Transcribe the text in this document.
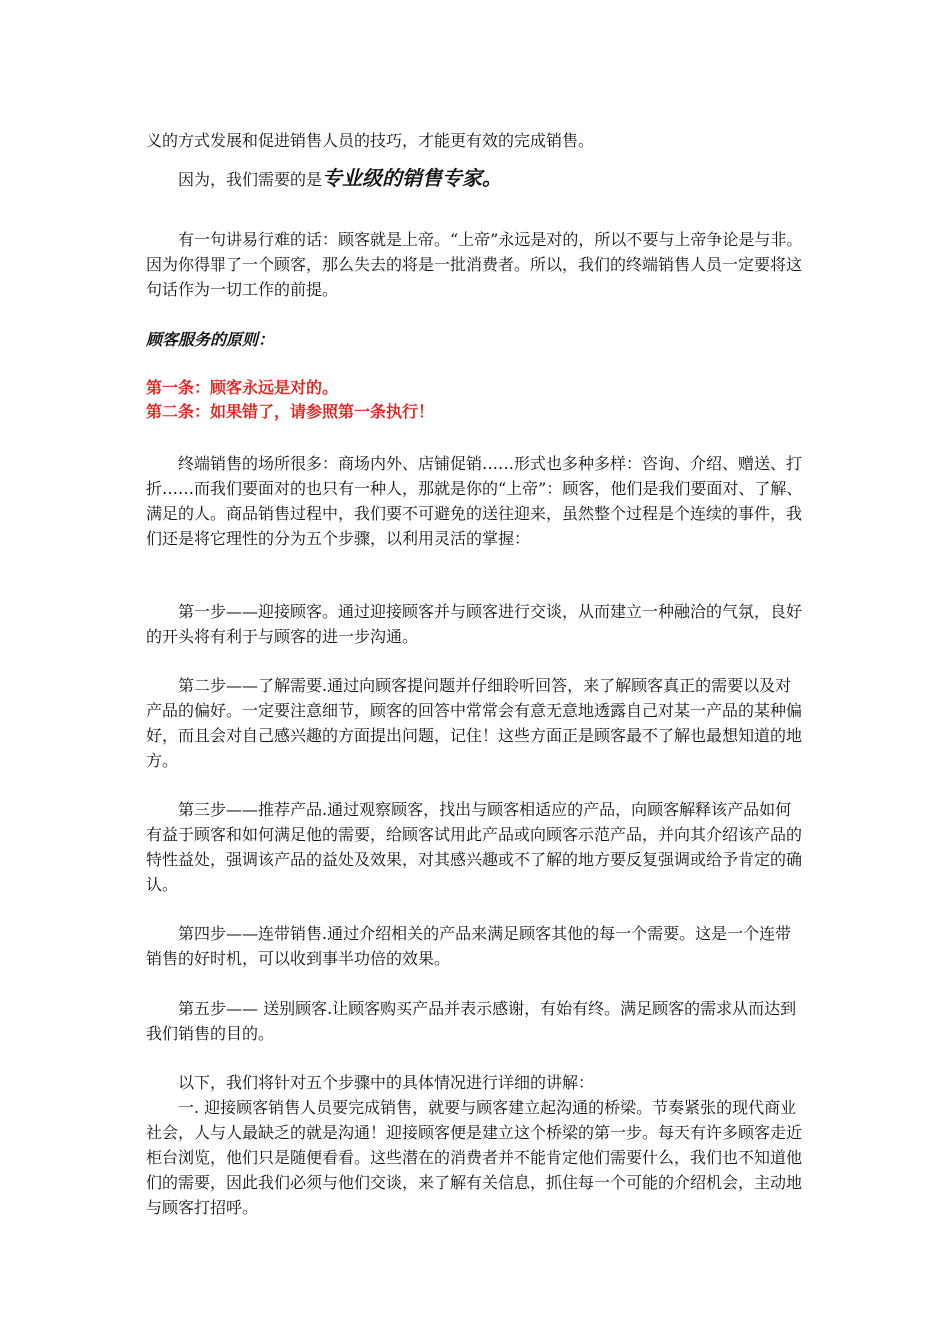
义的方式发展和促进销售人员的技巧，才能更有效的完成销售。

因为，我们需要的是专业级的销售专家。

有一句讲易行难的话：顾客就是上帝。“上帝”永远是对的，所以不要与上帝争论是与非。因为你得罪了一个顾客，那么失去的将是一批消费者。所以，我们的终端销售人员一定要将这句话作为一切工作的前提。

顾客服务的原则：

第一条：顾客永远是对的。

第二条：如果错了，请参照第一条执行！

终端销售的场所很多：商场内外、店铺促销……形式也多种多样：咨询、介绍、赠送、打折……而我们要面对的也只有一种人，那就是你的“上帝”：顾客，他们是我们要面对、了解、满足的人。商品销售过程中，我们要不可避免的送往迎来，虽然整个过程是个连续的事件，我们还是将它理性的分为五个步骤，以利用灵活的掌握：

第一步——迎接顾客。通过迎接顾客并与顾客进行交谈，从而建立一种融洽的气氛，良好的开头将有利于与顾客的进一步沟通。

第二步——了解需要.通过向顾客提问题并仔细聆听回答，来了解顾客真正的需要以及对产品的偏好。一定要注意细节，顾客的回答中常常会有意无意地透露自己对某一产品的某种偏好，而且会对自己感兴趣的方面提出问题，记住！这些方面正是顾客最不了解也最想知道的地方。

第三步——推荐产品.通过观察顾客，找出与顾客相适应的产品，向顾客解释该产品如何有益于顾客和如何满足他的需要，给顾客试用此产品或向顾客示范产品，并向其介绍该产品的特性益处，强调该产品的益处及效果，对其感兴趣或不了解的地方要反复强调或给予肯定的确认。

第四步——连带销售.通过介绍相关的产品来满足顾客其他的每一个需要。这是一个连带销售的好时机，可以收到事半功倍的效果。

第五步—— 送别顾客.让顾客购买产品并表示感谢，有始有终。满足顾客的需求从而达到我们销售的目的。

以下，我们将针对五个步骤中的具体情况进行详细的讲解：

一. 迎接顾客销售人员要完成销售，就要与顾客建立起沟通的桥梁。节奏紧张的现代商业社会，人与人最缺乏的就是沟通！迎接顾客便是建立这个桥梁的第一步。每天有许多顾客走近柜台浏览，他们只是随便看看。这些潜在的消费者并不能肯定他们需要什么，我们也不知道他们的需要，因此我们必须与他们交谈，来了解有关信息，抓住每一个可能的介绍机会，主动地与顾客打招呼。
